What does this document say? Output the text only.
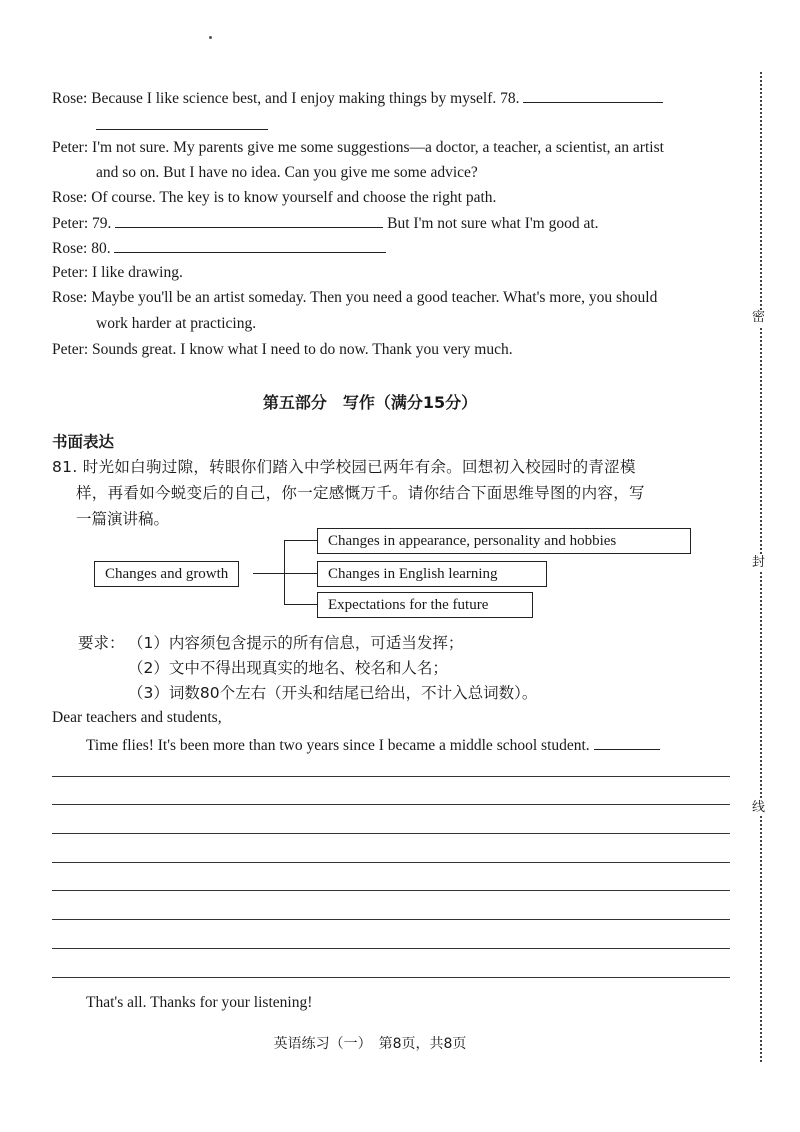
Rose: Because I like science best, and I enjoy making things by myself. 78.
Peter: I'm not sure. My parents give me some suggestions—a doctor, a teacher, a scientist, an artist
and so on. But I have no idea. Can you give me some advice?
Rose: Of course. The key is to know yourself and choose the right path.
Peter: 79.	But I'm not sure what I'm good at.
Rose: 80.
Peter: I like drawing.
Rose: Maybe you'll be an artist someday. Then you need a good teacher. What's more, you should
work harder at practicing.
Peter: Sounds great. I know what I need to do now. Thank you very much.
第五部分　写作（满分15分）
书面表达
81. 时光如白驹过隙，转眼你们踏入中学校园已两年有余。回想初入校园时的青涩模
样，再看如今蜕变后的自己，你一定感慨万千。请你结合下面思维导图的内容，写
一篇演讲稿。
Changes and growth
Changes in appearance, personality and hobbies
Changes in English learning
Expectations for the future
要求： （1）内容须包含提示的所有信息，可适当发挥；
（2）文中不得出现真实的地名、校名和人名；
（3）词数80个左右（开头和结尾已给出，不计入总词数）。
Dear teachers and students,
Time flies! It's been more than two years since I became a middle school student.
That's all. Thanks for your listening!
英语练习（一）　第8页，共8页
密
封
线
